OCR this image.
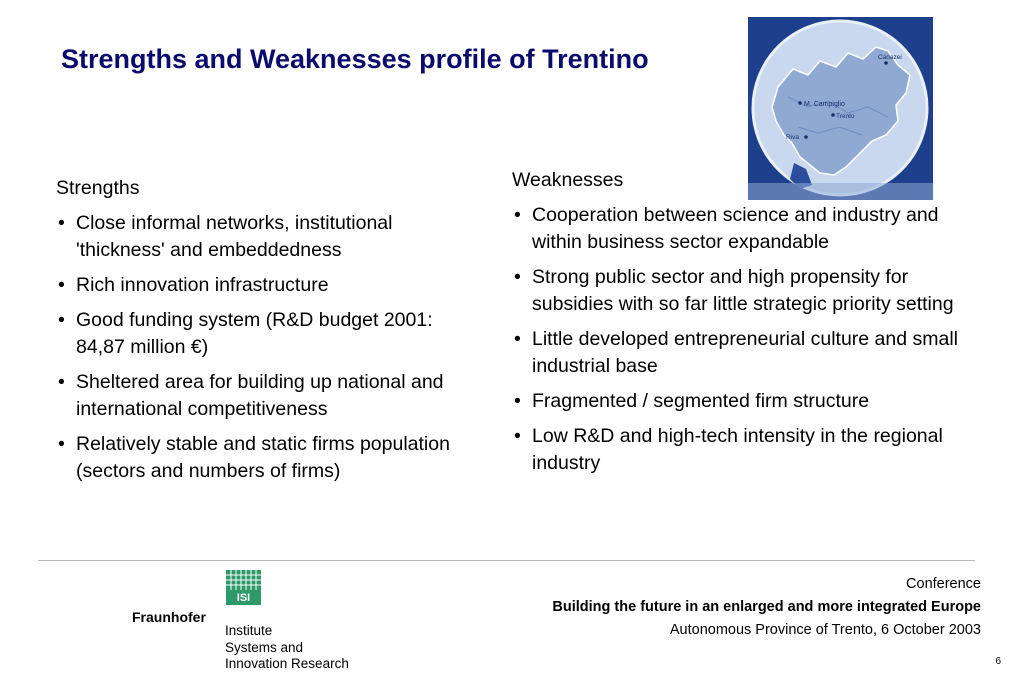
Strengths and Weaknesses profile of Trentino	Canazei
M. Campiglio
Trento
Riva
Strengths
• Close informal networks, institutional 'thickness' and embeddedness
• Rich innovation infrastructure
• Good funding system (R&D budget 2001: 84,87 million €)
• Sheltered area for building up national and international competitiveness
• Relatively stable and static firms population (sectors and numbers of firms)
Weaknesses
• Cooperation between science and industry and within business sector expandable
• Strong public sector and high propensity for subsidies with so far little strategic priority setting
• Little developed entrepreneurial culture and small industrial base
• Fragmented / segmented firm structure
• Low R&D and high-tech intensity in the regional industry
ISI
Fraunhofer
Institute
Systems and
Innovation Research
Conference
Building the future in an enlarged and more integrated Europe
Autonomous Province of Trento, 6 October 2003
6
